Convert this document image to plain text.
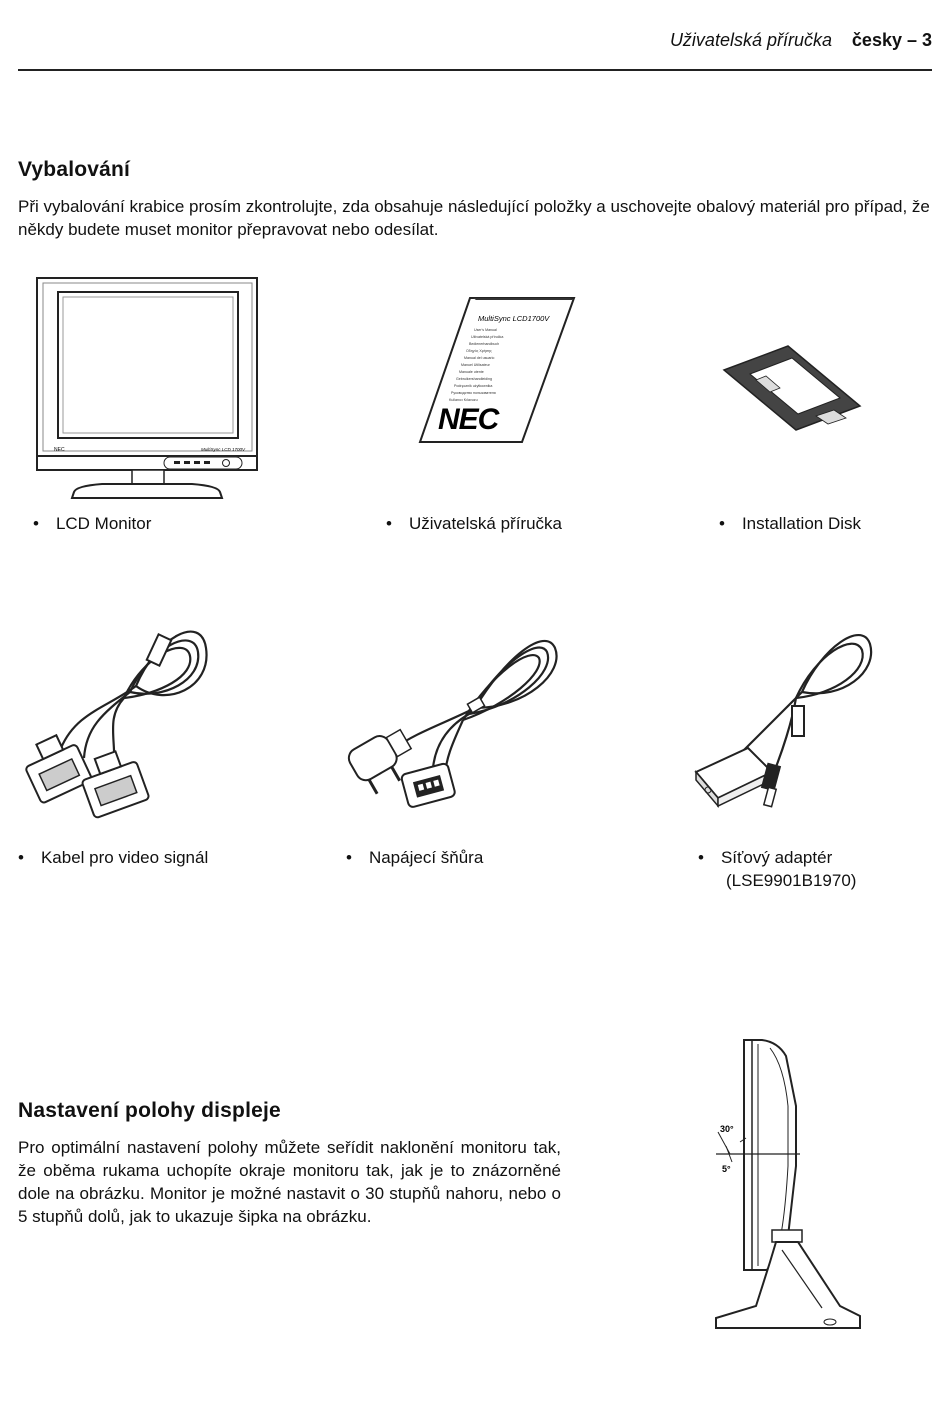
Uživatelská příručka česky – 3
Vybalování
Při vybalování krabice prosím zkontrolujte, zda obsahuje následující položky a uschovejte obalový materiál pro případ, že někdy budete muset monitor přepravovat nebo odesílat.
NEC	MultiSync LCD 1700V
MultiSync LCD1700V
User's Manual
Uživatelská příručka
Bedienerhandbuch
Οδηγός Χρήσης
Manual del usuario
Manuel Utilisateur
Manuale utente
Gebruikershandleiding
Podręcznik użytkownika
Руководство пользователя
Kullanıcı Kılavuzu
NEC
• LCD Monitor	• Uživatelská příručka	• Installation Disk
• Kabel pro video signál	• Napájecí šňůra	• Síťový adaptér
(LSE9901B1970)
Nastavení polohy displeje
Pro optimální nastavení polohy můžete seřídit naklonění monitoru tak, že oběma rukama uchopíte okraje monitoru tak, jak je to znázorněné dole na obrázku. Monitor je možné nastavit o 30 stupňů nahoru, nebo o 5 stupňů dolů, jak to ukazuje šipka na obrázku.
30°
5°
